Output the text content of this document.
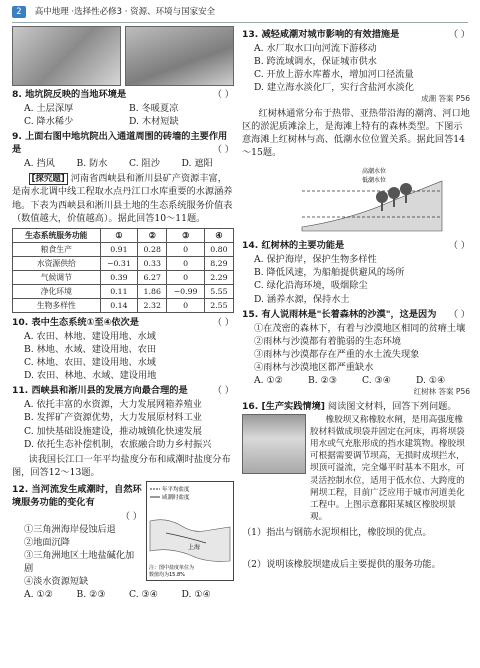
2 高中地理 ·选择性必修3 · 资源、环境与国家安全
8. 地坑院反映的当地环境是	（ ）
A. 土层深厚	B. 冬暖夏凉
C. 降水稀少	D. 木材短缺
9. 上面右图中地坑院出入通道周围的砖墙的主要作用是	（ ）
A. 挡风	B. 防水	C. 阻沙	D. 遮阳
[探究题] 河南省西峡县和淅川县矿产资源丰富，是南水北调中线工程取水点丹江口水库重要的水源涵养地。下表为西峡县和淅川县土地的生态系统服务价值表（数值越大，价值越高）。据此回答10～11题。
生态系统服务功能	①	②	③	④
粮食生产	0.91	0.28	0	0.80
水资源供给	−0.31	0.33	0	8.29
气候调节	0.39	6.27	0	2.29
净化环境	0.11	1.86	−0.99	5.55
生物多样性	0.14	2.32	0	2.55
10. 表中生态系统①至④依次是	（ ）
A. 农田、林地、建设用地、水域
B. 林地、水域、建设用地、农田
C. 林地、农田、建设用地、水域
D. 农田、林地、水域、建设用地
11. 西峡县和淅川县的发展方向最合理的是	（ ）
A. 依托丰富的水资源，大力发展网箱养殖业
B. 发挥矿产资源优势，大力发展原材料工业
C. 加快基础设施建设，推动城镇化快速发展
D. 依托生态补偿机制，农旅融合助力乡村振兴
读我国长江口一年平均盐度分布和咸潮时盐度分布图，回答12～13题。
12. 当河流发生咸潮时，自然环境服务功能的变化有
（ ）
①三角洲海岸侵蚀后退
②地面沉降
③三角洲地区土地盐碱化加剧
④淡水资源短缺
年平均盐度
咸潮时盐度
上海
注：图中盐度单位为
数值均为15.8%
A. ①②	B. ②③	C. ③④	D. ①④
13. 减轻咸潮对城市影响的有效措施是	（ ）
A. 水厂取水口向河流下游移动
B. 跨流域调水，保证城市供水
C. 开放上游水库蓄水，增加河口径流量
D. 建立海水淡化厂，实行含盐河水淡化
成潮 答案 P56
红树林通常分布于热带、亚热带沿海的潮湾、河口地区的淤泥质滩涂上，是海滩上特有的森林类型。下图示意海滩上红树林与高、低潮水位位置关系。据此回答14～15题。
高潮水位
低潮水位
14. 红树林的主要功能是	（ ）
A. 保护海岸，保护生物多样性
B. 降低风速，为船舶提供避风的场所
C. 绿化沿海环境，吸烟除尘
D. 涵养水源，保持水土
15. 有人说雨林是"长着森林的沙漠"，这是因为 （ ）
①在茂密的森林下，有着与沙漠地区相同的贫瘠土壤
②雨林与沙漠都有着脆弱的生态环境
③雨林与沙漠都存在严重的水土流失现象
④雨林与沙漠地区都严重缺水
A. ①②	B. ②③	C. ③④	D. ①④
红树林 答案 P56
16. [生产实践情境] 阅读图文材料，回答下列问题。
橡胶坝又称橡胶水闸，是用高强度橡胶材料做成坝袋并固定在河床，再将坝袋用水或气充胀形成的挡水建筑物。橡胶坝可根据需要调节坝高，无损时成坝拦水，坝顶可溢流，完全爆平时基本不阻水，可灵活控制水位，适用于低水位、大跨度的闸坝工程，目前广泛应用于城市河道美化工程中。上图示意鄱阳某城区橡胶坝景观。
（1）指出与钢筋水泥坝相比，橡胶坝的优点。
（2）说明该橡胶坝建成后主要提供的服务功能。
